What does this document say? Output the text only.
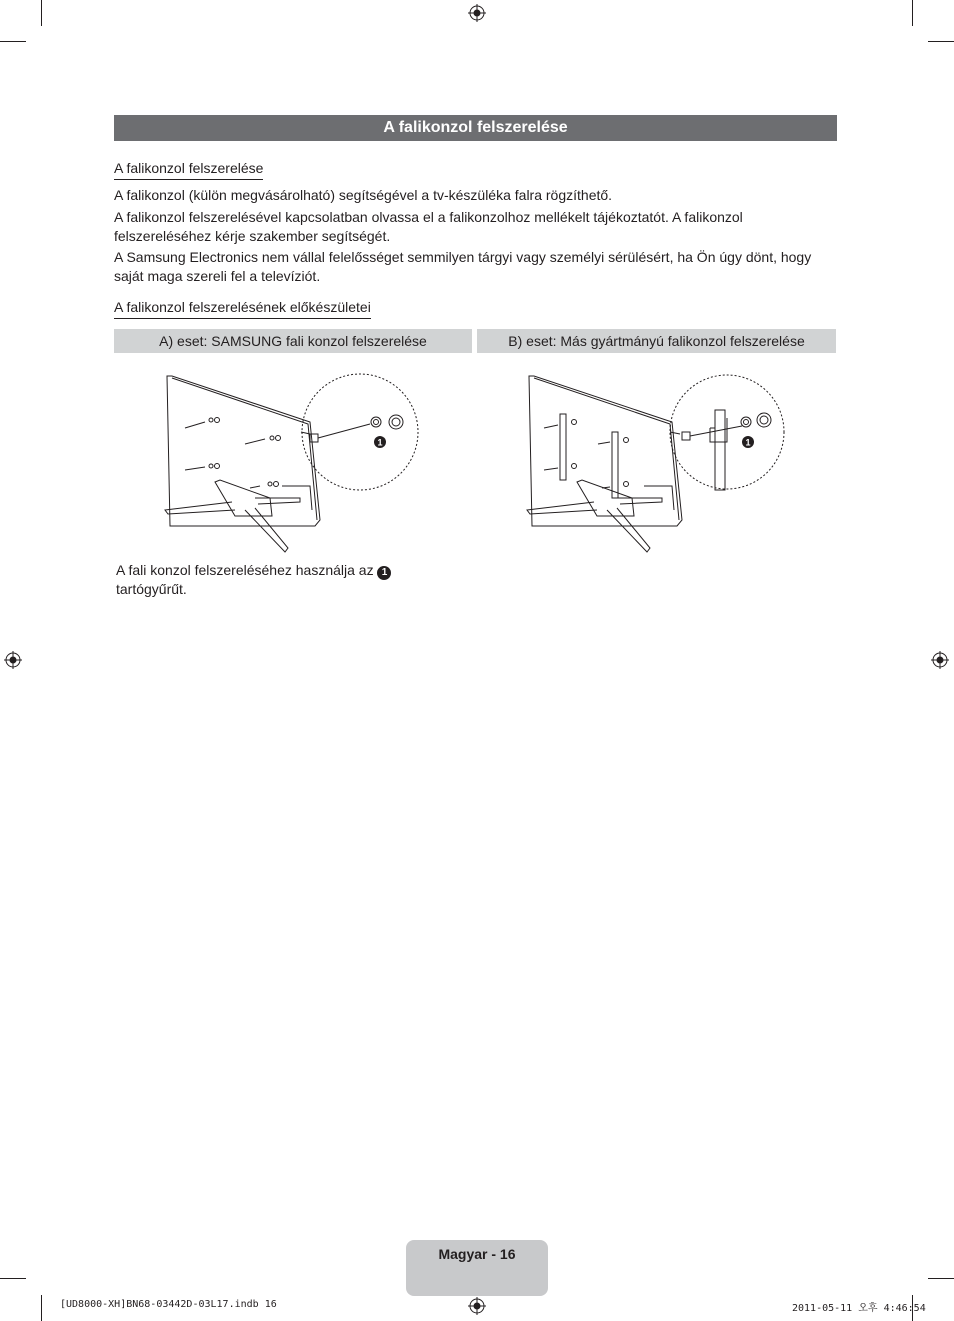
A falikonzol felszerelése
A falikonzol felszerelése
A falikonzol (külön megvásárolható) segítségével a tv-készüléka falra rögzíthető.
A falikonzol felszerelésével kapcsolatban olvassa el a falikonzolhoz mellékelt tájékoztatót. A falikonzol felszereléséhez kérje szakember segítségét.
A Samsung Electronics nem vállal felelősséget semmilyen tárgyi vagy személyi sérülésért, ha Ön úgy dönt, hogy saját maga szereli fel a televíziót.
A falikonzol felszerelésének előkészületei
A) eset: SAMSUNG fali konzol felszerelése	B) eset: Más gyártmányú falikonzol felszerelése
1	1
A fali konzol felszereléséhez használja az 1
tartógyűrűt.
Magyar - 16
[UD8000-XH]BN68-03442D-03L17.indb 16	2011-05-11 오후 4:46:54
